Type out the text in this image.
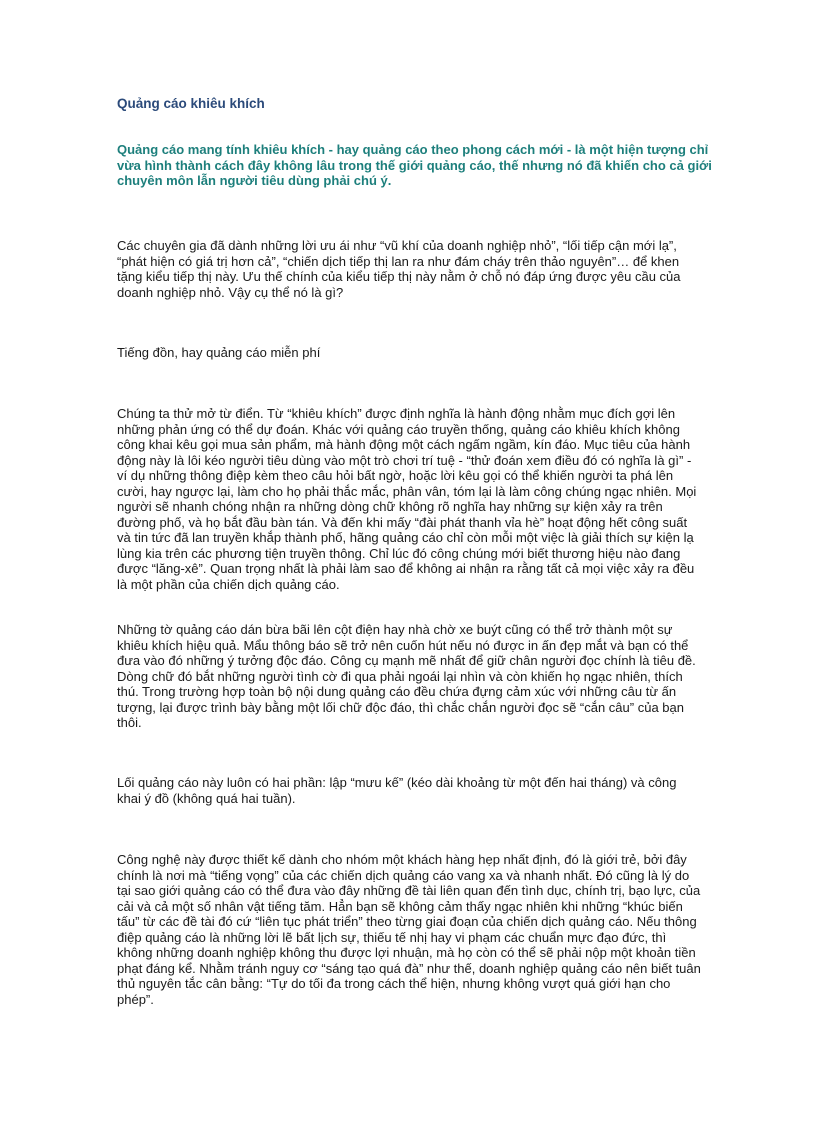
Quảng cáo khiêu khích

Quảng cáo mang tính khiêu khích - hay quảng cáo theo phong cách mới - là một hiện tượng chỉ vừa hình thành cách đây không lâu trong thế giới quảng cáo, thế nhưng nó đã khiến cho cả giới chuyên môn lẫn người tiêu dùng phải chú ý.

Các chuyên gia đã dành những lời ưu ái như “vũ khí của doanh nghiệp nhỏ”, “lối tiếp cận mới lạ”, “phát hiện có giá trị hơn cả”, “chiến dịch tiếp thị lan ra như đám cháy trên thảo nguyên”… để khen tặng kiểu tiếp thị này. Ưu thế chính của kiểu tiếp thị này nằm ở chỗ nó đáp ứng được yêu cầu của doanh nghiệp nhỏ. Vậy cụ thể nó là gì?

Tiếng đồn, hay quảng cáo miễn phí

Chúng ta thử mở từ điển. Từ “khiêu khích” được định nghĩa là hành động nhằm mục đích gợi lên những phản ứng có thể dự đoán. Khác với quảng cáo truyền thống, quảng cáo khiêu khích không công khai kêu gọi mua sản phẩm, mà hành động một cách ngấm ngầm, kín đáo. Mục tiêu của hành động này là lôi kéo người tiêu dùng vào một trò chơi trí tuệ - “thử đoán xem điều đó có nghĩa là gì” - ví dụ những thông điệp kèm theo câu hỏi bất ngờ, hoặc lời kêu gọi có thể khiến người ta phá lên cười, hay ngược lại, làm cho họ phải thắc mắc, phân vân, tóm lại là làm công chúng ngạc nhiên. Mọi người sẽ nhanh chóng nhận ra những dòng chữ không rõ nghĩa hay những sự kiện xảy ra trên đường phố, và họ bắt đầu bàn tán. Và đến khi mấy “đài phát thanh vỉa hè” hoạt động hết công suất và tin tức đã lan truyền khắp thành phố, hãng quảng cáo chỉ còn mỗi một việc là giải thích sự kiện lạ lùng kia trên các phương tiện truyền thông. Chỉ lúc đó công chúng mới biết thương hiệu nào đang được “lăng-xê”. Quan trọng nhất là phải làm sao để không ai nhận ra rằng tất cả mọi việc xảy ra đều là một phần của chiến dịch quảng cáo.

Những tờ quảng cáo dán bừa bãi lên cột điện hay nhà chờ xe buýt cũng có thể trở thành một sự khiêu khích hiệu quả. Mẩu thông báo sẽ trở nên cuốn hút nếu nó được in ấn đẹp mắt và bạn có thể đưa vào đó những ý tưởng độc đáo. Công cụ mạnh mẽ nhất để giữ chân người đọc chính là tiêu đề. Dòng chữ đó bắt những người tình cờ đi qua phải ngoái lại nhìn và còn khiến họ ngạc nhiên, thích thú. Trong trường hợp toàn bộ nội dung quảng cáo đều chứa đựng cảm xúc với những câu từ ấn tượng, lại được trình bày bằng một lối chữ độc đáo, thì chắc chắn người đọc sẽ “cắn câu” của bạn thôi.

Lối quảng cáo này luôn có hai phần: lập “mưu kế” (kéo dài khoảng từ một đến hai tháng) và công khai ý đồ (không quá hai tuần).

Công nghệ này được thiết kế dành cho nhóm một khách hàng hẹp nhất định, đó là giới trẻ, bởi đây chính là nơi mà “tiếng vọng” của các chiến dịch quảng cáo vang xa và nhanh nhất. Đó cũng là lý do tại sao giới quảng cáo có thể đưa vào đây những đề tài liên quan đến tình dục, chính trị, bạo lực, của cải và cả một số nhân vật tiếng tăm. Hẳn bạn sẽ không cảm thấy ngạc nhiên khi những “khúc biến tấu” từ các đề tài đó cứ “liên tục phát triển” theo từng giai đoạn của chiến dịch quảng cáo. Nếu thông điệp quảng cáo là những lời lẽ bất lịch sự, thiếu tế nhị hay vi phạm các chuẩn mực đạo đức, thì không những doanh nghiệp không thu được lợi nhuận, mà họ còn có thể sẽ phải nộp một khoản tiền phạt đáng kể. Nhằm tránh nguy cơ “sáng tạo quá đà” như thế, doanh nghiệp quảng cáo nên biết tuân thủ nguyên tắc cân bằng: “Tự do tối đa trong cách thể hiện, nhưng không vượt quá giới hạn cho phép”.
